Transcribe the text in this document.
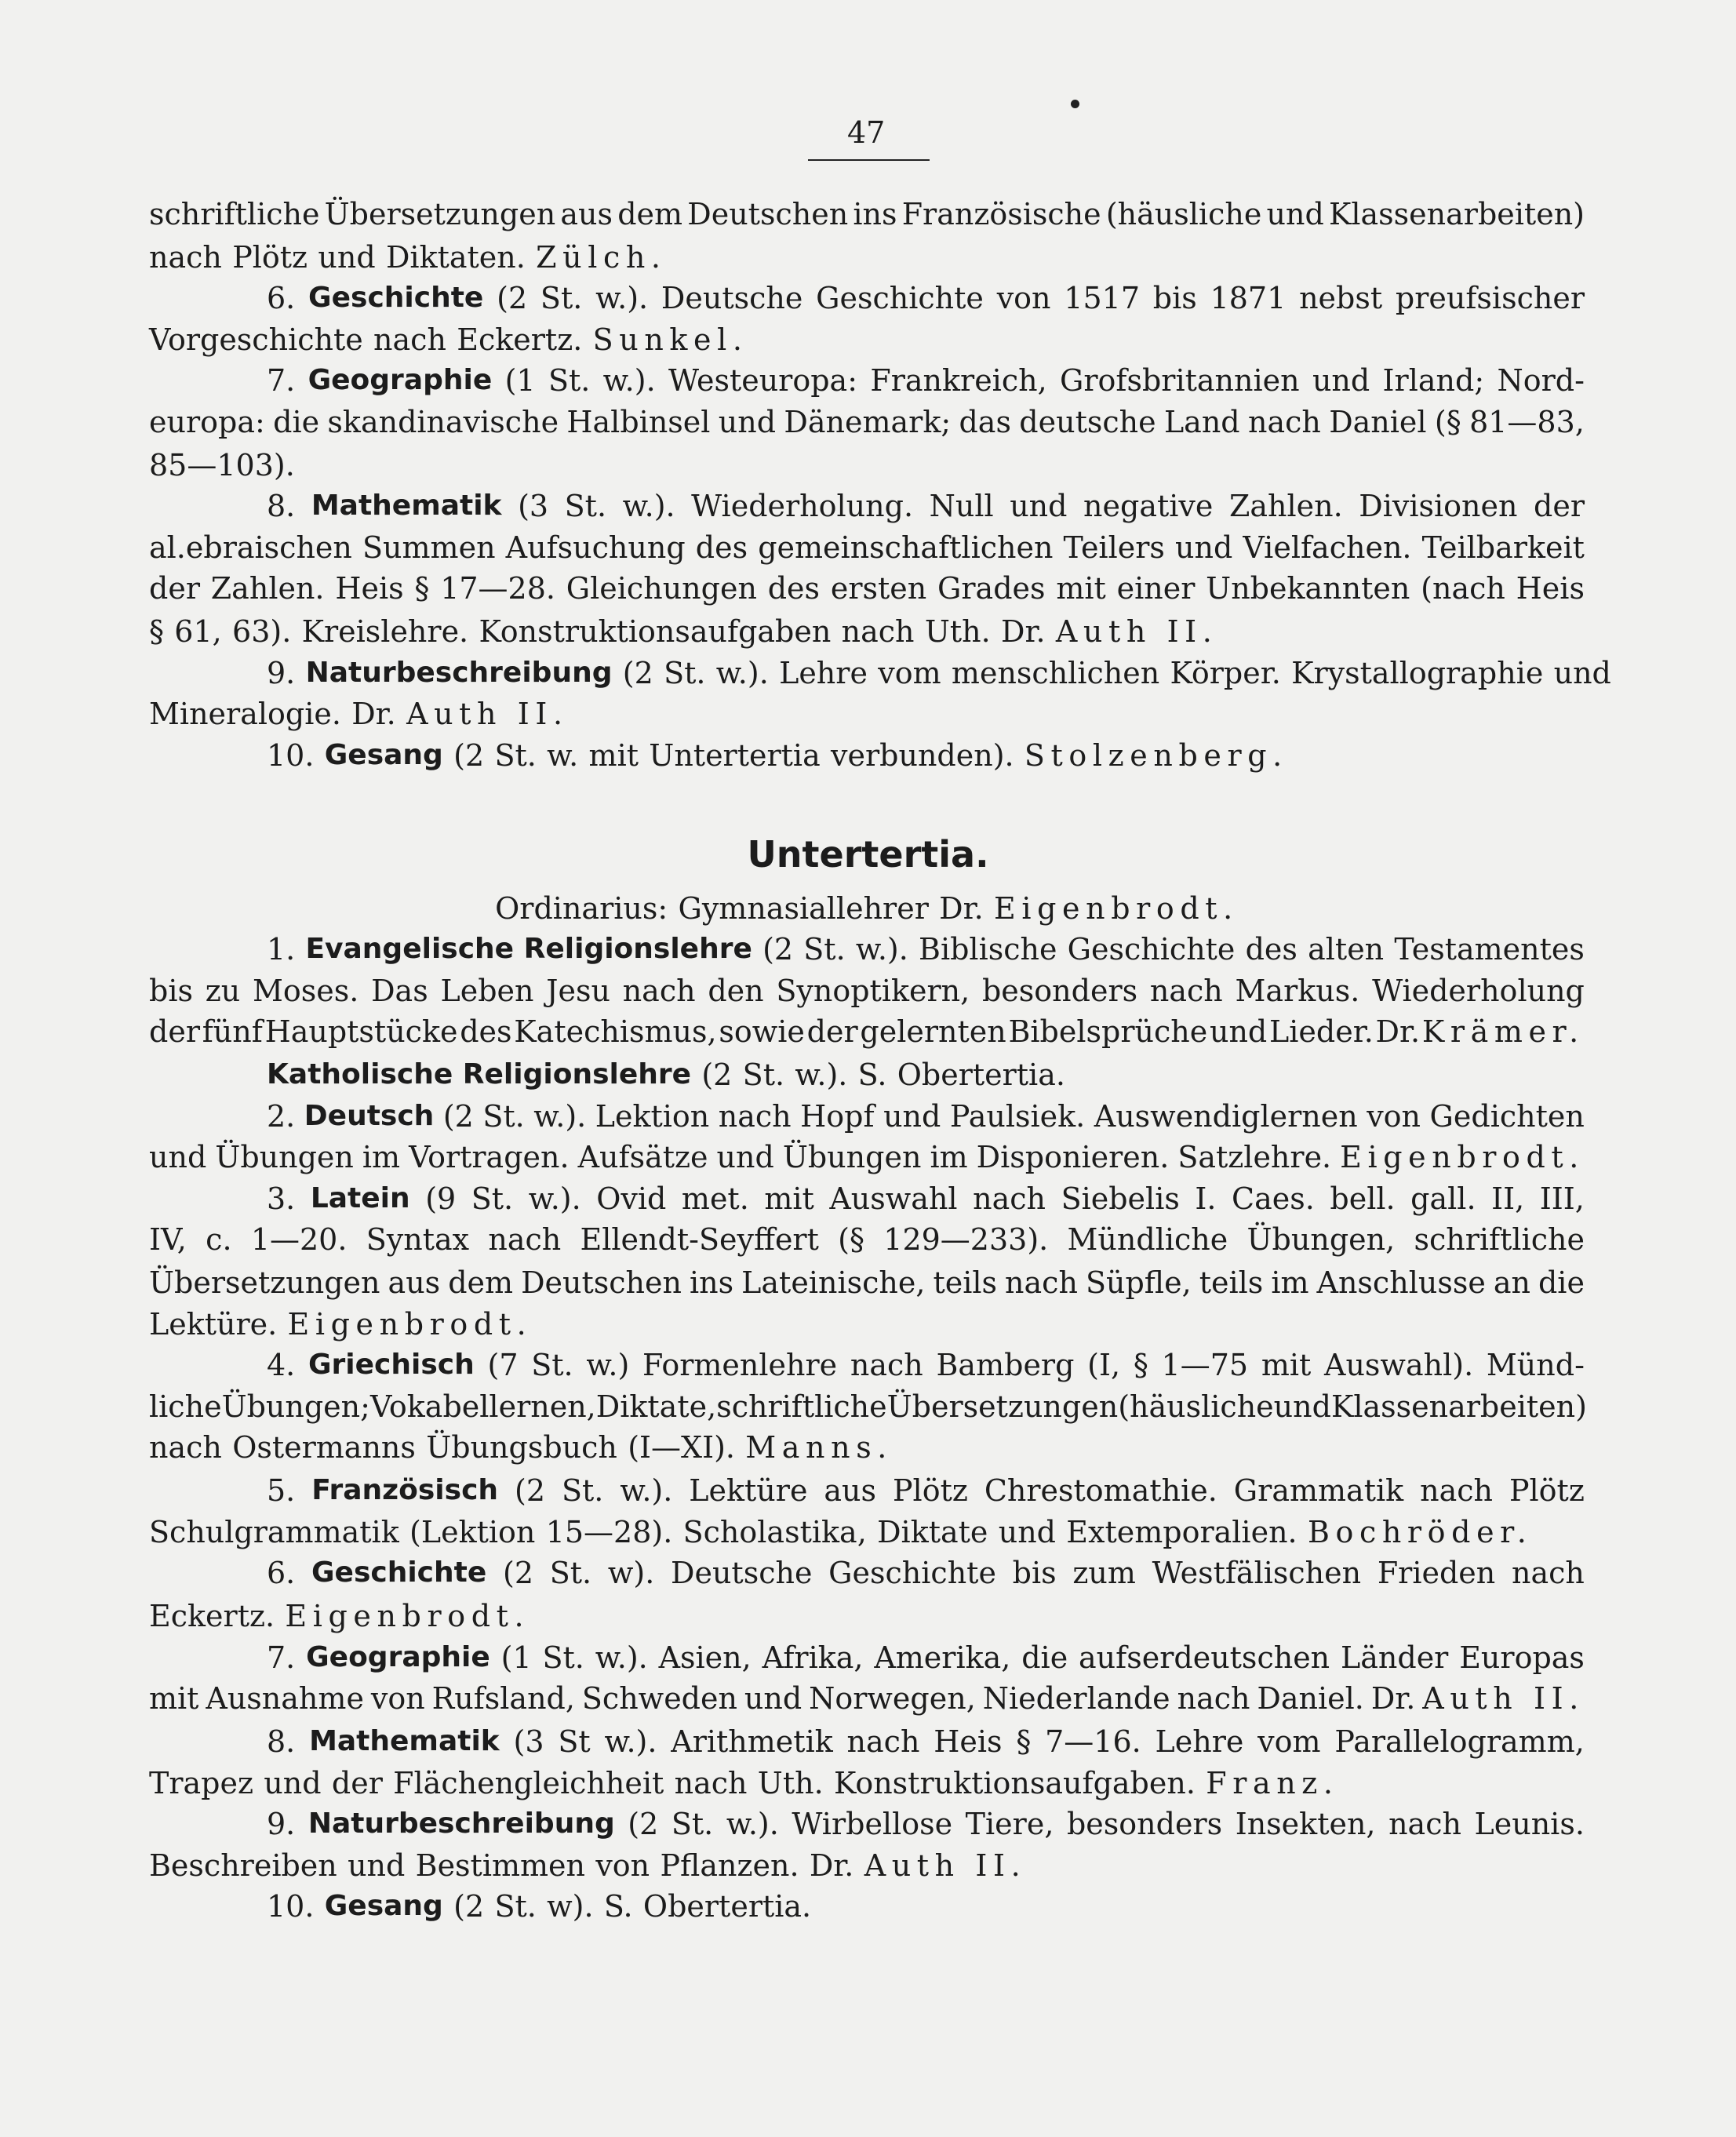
47
Untertertia.
schriftliche Übersetzungen aus dem Deutschen ins Französische (häusliche und Klassenarbeiten)
nach Plötz und Diktaten. Zülch.
6. Geschichte (2 St. w.). Deutsche Geschichte von 1517 bis 1871 nebst preufsischer
Vorgeschichte nach Eckertz. Sunkel.
7. Geographie (1 St. w.). Westeuropa: Frankreich, Grofsbritannien und Irland; Nord-
europa: die skandinavische Halbinsel und Dänemark; das deutsche Land nach Daniel (§ 81—83,
85—103).
8. Mathematik (3 St. w.). Wiederholung. Null und negative Zahlen. Divisionen der
al.ebraischen Summen Aufsuchung des gemeinschaftlichen Teilers und Vielfachen. Teilbarkeit
der Zahlen. Heis § 17—28. Gleichungen des ersten Grades mit einer Unbekannten (nach Heis
§ 61, 63). Kreislehre. Konstruktionsaufgaben nach Uth. Dr. Auth II.
9. Naturbeschreibung (2 St. w.). Lehre vom menschlichen Körper. Krystallographie und
Mineralogie. Dr. Auth II.
10. Gesang (2 St. w. mit Untertertia verbunden). Stolzenberg.
Ordinarius: Gymnasiallehrer Dr. Eigenbrodt.
1. Evangelische Religionslehre (2 St. w.). Biblische Geschichte des alten Testamentes
bis zu Moses. Das Leben Jesu nach den Synoptikern, besonders nach Markus. Wiederholung
der fünf Hauptstücke des Katechismus, sowie der gelernten Bibelsprüche und Lieder. Dr. Krämer.
Katholische Religionslehre (2 St. w.). S. Obertertia.
2. Deutsch (2 St. w.). Lektion nach Hopf und Paulsiek. Auswendiglernen von Gedichten
und Übungen im Vortragen. Aufsätze und Übungen im Disponieren. Satzlehre. Eigenbrodt.
3. Latein (9 St. w.). Ovid met. mit Auswahl nach Siebelis I. Caes. bell. gall. II, III,
IV, c. 1—20. Syntax nach Ellendt-Seyffert (§ 129—233). Mündliche Übungen, schriftliche
Übersetzungen aus dem Deutschen ins Lateinische, teils nach Süpfle, teils im Anschlusse an die
Lektüre. Eigenbrodt.
4. Griechisch (7 St. w.) Formenlehre nach Bamberg (I, § 1—75 mit Auswahl). Münd-
liche Übungen; Vokabellernen, Diktate, schriftliche Übersetzungen (häusliche und Klassenarbeiten)
nach Ostermanns Übungsbuch (I—XI). Manns.
5. Französisch (2 St. w.). Lektüre aus Plötz Chrestomathie. Grammatik nach Plötz
Schulgrammatik (Lektion 15—28). Scholastika, Diktate und Extemporalien. Bochröder.
6. Geschichte (2 St. w). Deutsche Geschichte bis zum Westfälischen Frieden nach
Eckertz. Eigenbrodt.
7. Geographie (1 St. w.). Asien, Afrika, Amerika, die aufserdeutschen Länder Europas
mit Ausnahme von Rufsland, Schweden und Norwegen, Niederlande nach Daniel. Dr. Auth II.
8. Mathematik (3 St w.). Arithmetik nach Heis § 7—16. Lehre vom Parallelogramm,
Trapez und der Flächengleichheit nach Uth. Konstruktionsaufgaben. Franz.
9. Naturbeschreibung (2 St. w.). Wirbellose Tiere, besonders Insekten, nach Leunis.
Beschreiben und Bestimmen von Pflanzen. Dr. Auth II.
10. Gesang (2 St. w). S. Obertertia.
